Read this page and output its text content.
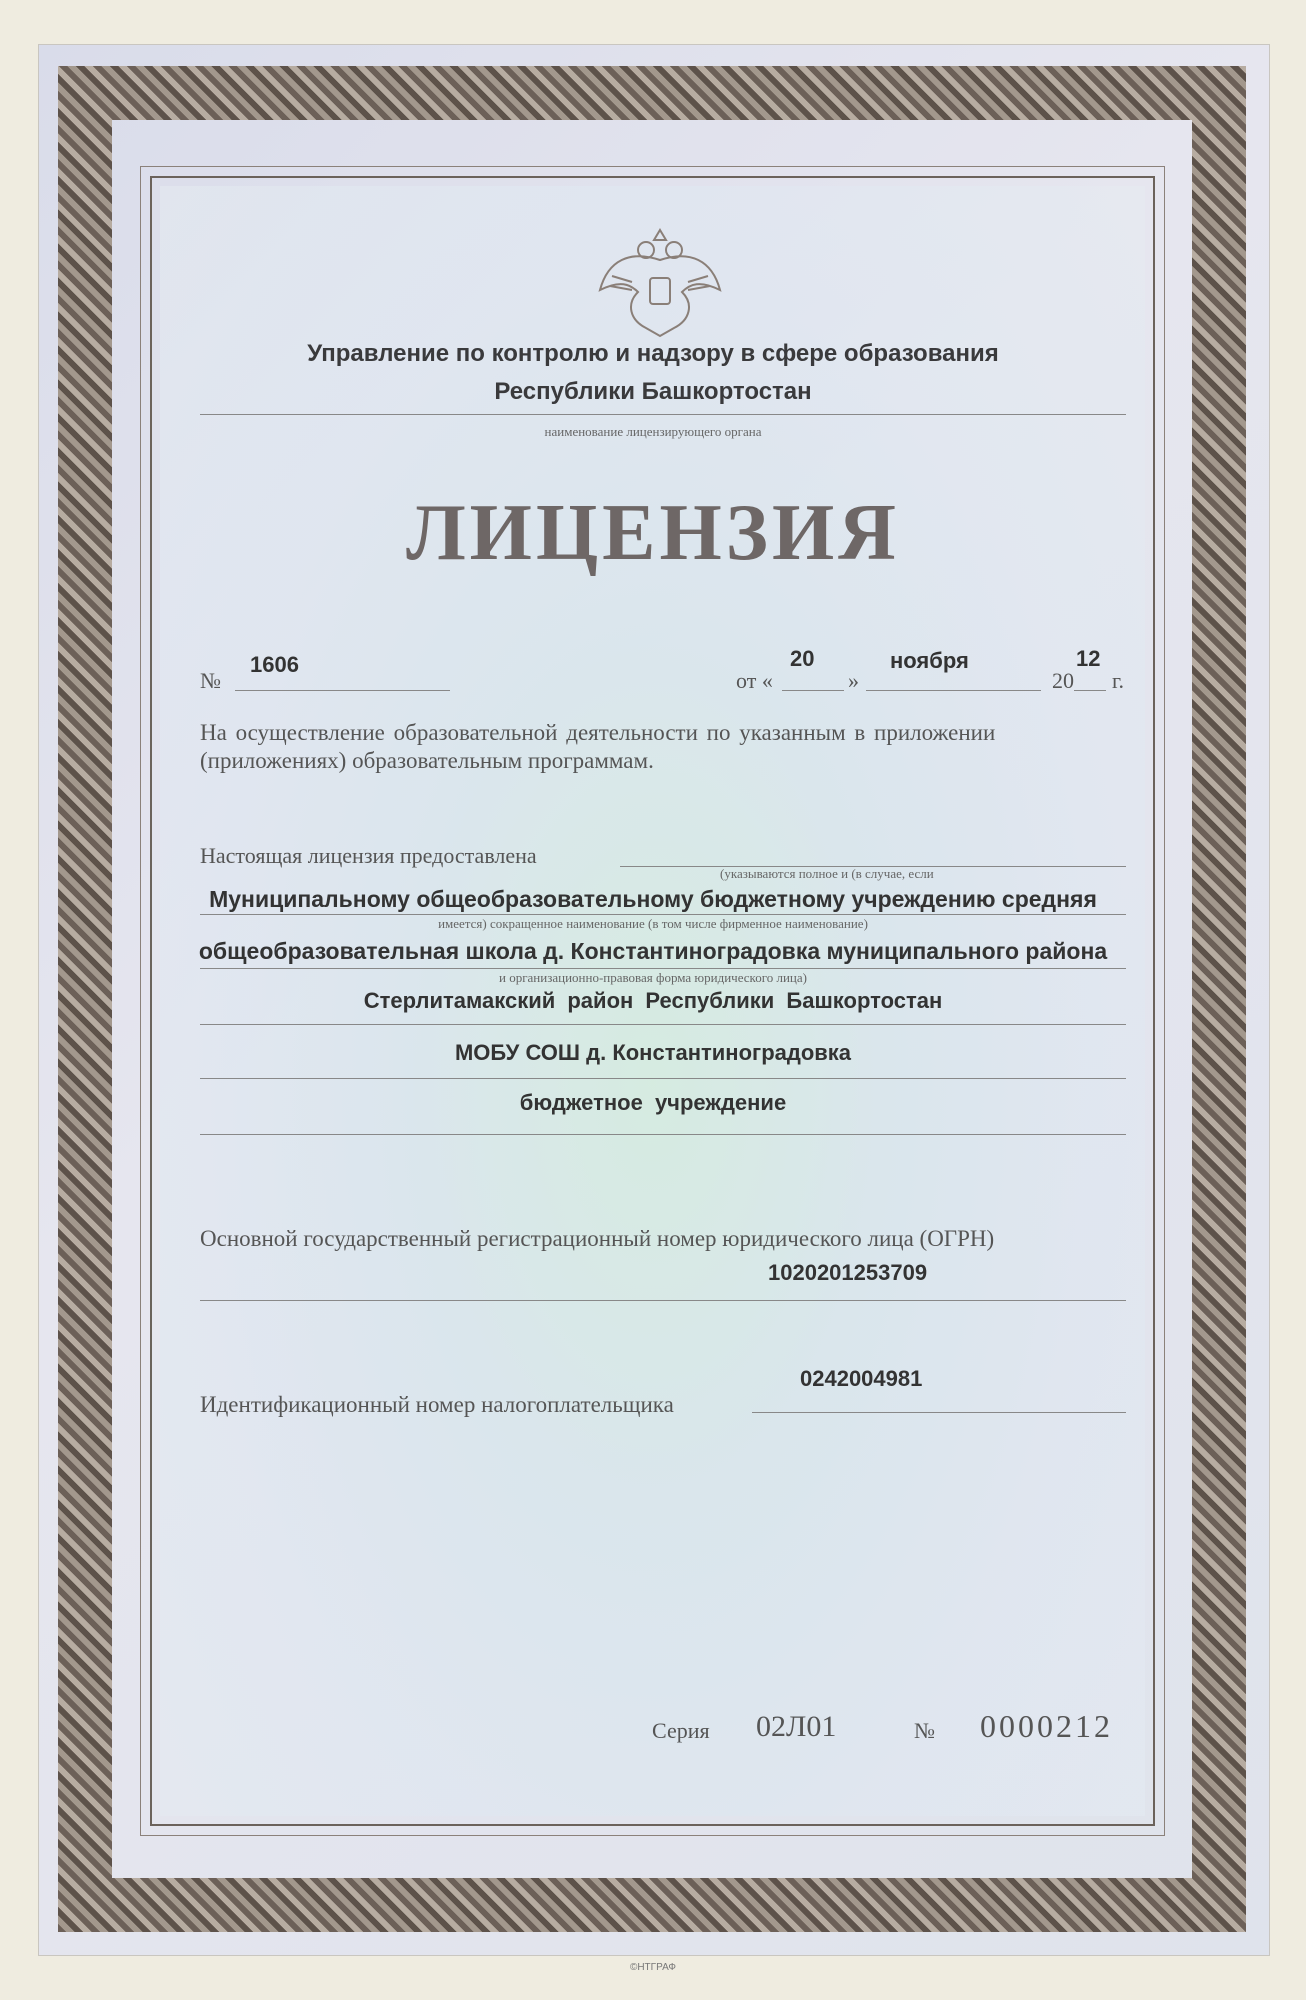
Управление по контролю и надзору в сфере образования
Республики Башкортостан
наименование лицензирующего органа
ЛИЦЕНЗИЯ
№
1606
от «
20
»
ноября
20
12
г.
На осуществление образовательной деятельности по указанным в приложении
(приложениях) образовательным программам.
Настоящая лицензия предоставлена
(указываются полное и (в случае, если
Муниципальному общеобразовательному бюджетному учреждению средняя
имеется) сокращенное наименование (в том числе фирменное наименование)
общеобразовательная школа д. Константиноградовка муниципального района
и организационно-правовая форма юридического лица)
Стерлитамакский район Республики Башкортостан
МОБУ СОШ д. Константиноградовка
бюджетное учреждение
Основной государственный регистрационный номер юридического лица (ОГРН)
1020201253709
Идентификационный номер налогоплательщика
0242004981
Серия 02Л01	№ 0000212
©НТГРАФ
